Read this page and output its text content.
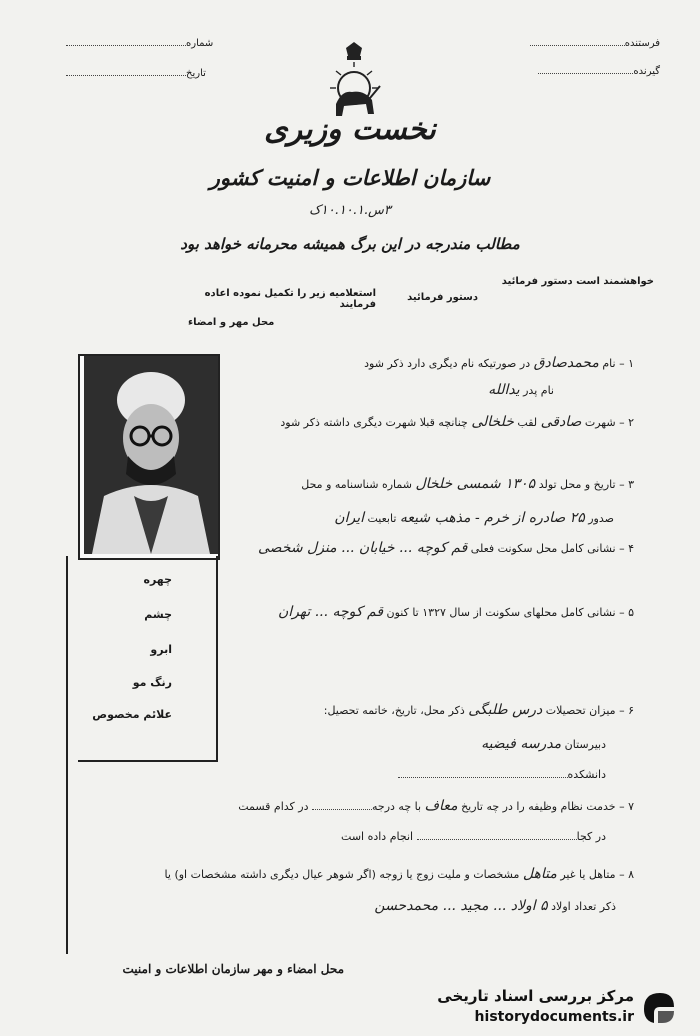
فرستنده
گیرنده
شماره
تاریخ
نخست وزیری
سازمان اطلاعات و امنیت کشور
۳س.۱۰.۱۰.۱ک
مطالب مندرجه در این برگ همیشه محرمانه خواهد بود
خواهشمند است دستور فرمائید
دستور فرمائید
استعلامیه زیر را تکمیل نموده اعاده فرمایند
محل مهر و امضاء
چهره
چشم
ابرو
رنگ مو
علائم مخصوص
۱ – نام محمدصادق در صورتیکه نام دیگری دارد ذکر شود
نام پدر یدالله
۲ – شهرت صادقی لقب خلخالی چنانچه قبلا شهرت دیگری داشته ذکر شود
۳ – تاریخ و محل تولد ۱۳۰۵ شمسی خلخال شماره شناسنامه و محل
صدور ۲۵ صادره از خرم - مذهب شیعه تابعیت ایران
۴ – نشانی کامل محل سکونت فعلی قم کوچه ... خیابان ... منزل شخصی
۵ – نشانی کامل محلهای سکونت از سال ۱۳۲۷ تا کنون قم کوچه ... تهران
۶ – میزان تحصیلات درس طلبگی ذکر محل، تاریخ، خاتمه تحصیل:
دبیرستان مدرسه فیضیه
دانشکده
۷ – خدمت نظام وظیفه را در چه تاریخ معاف با چه درجه در کدام قسمت
در کجا انجام داده است
۸ – متاهل یا غیر متاهل مشخصات و ملیت زوج یا زوجه (اگر شوهر عیال دیگری داشته مشخصات او) یا
ذکر تعداد اولاد ۵ اولاد ... مجید ... محمدحسن
محل امضاء و مهر سازمان اطلاعات و امنیت
مرکز بررسی اسناد تاریخی
historydocuments.ir
